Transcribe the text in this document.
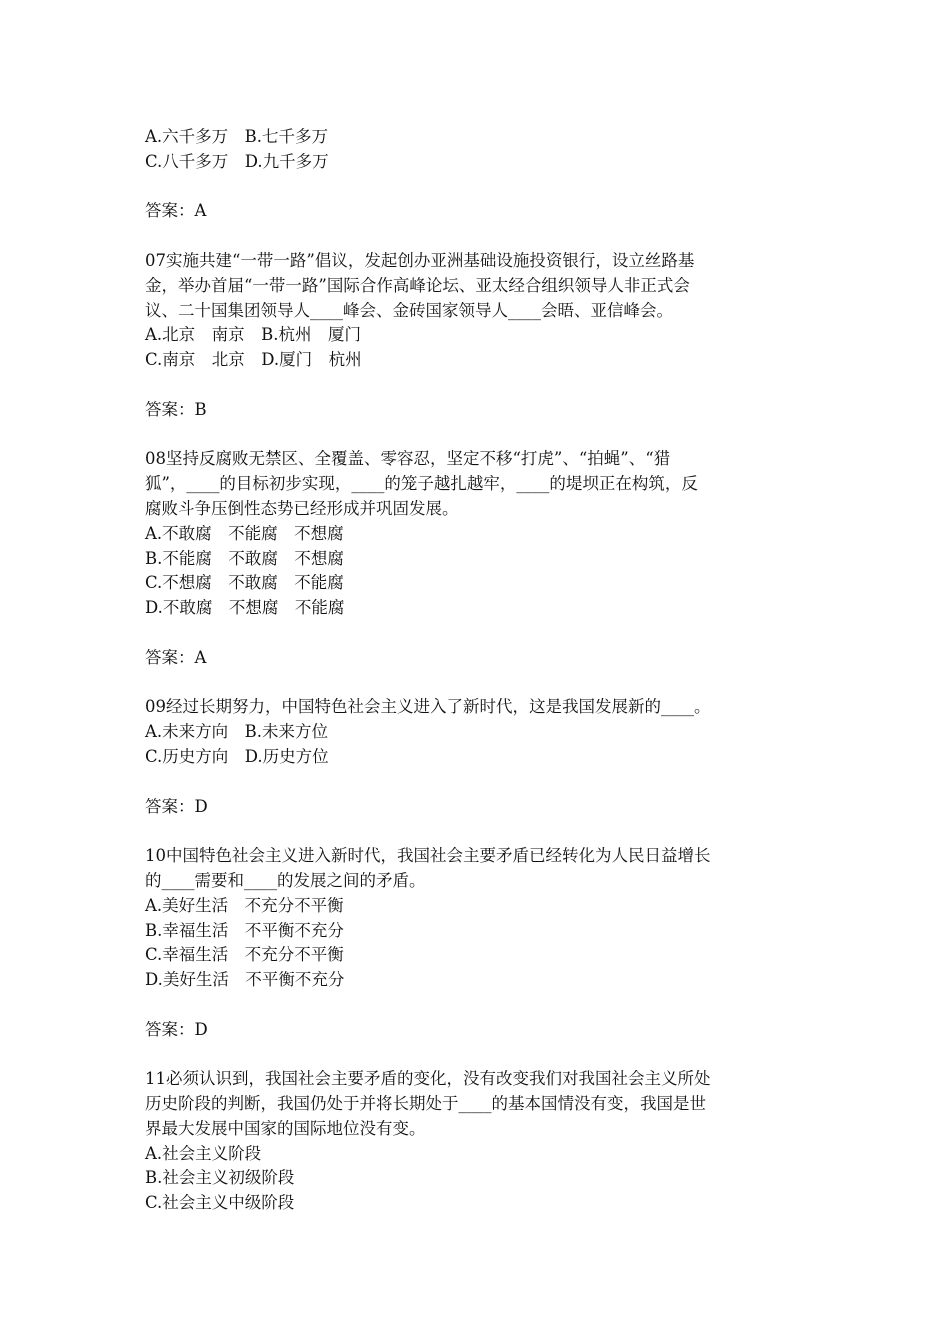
A.六千多万　B.七千多万
C.八千多万　D.九千多万
答案：A
07实施共建“一带一路”倡议，发起创办亚洲基础设施投资银行，设立丝路基
金，举办首届“一带一路”国际合作高峰论坛、亚太经合组织领导人非正式会
议、二十国集团领导人____峰会、金砖国家领导人____会晤、亚信峰会。
A.北京　南京　B.杭州　厦门
C.南京　北京　D.厦门　杭州
答案：B
08坚持反腐败无禁区、全覆盖、零容忍，坚定不移“打虎”、“拍蝇”、“猎
狐”，____的目标初步实现，____的笼子越扎越牢，____的堤坝正在构筑，反
腐败斗争压倒性态势已经形成并巩固发展。
A.不敢腐　不能腐　不想腐
B.不能腐　不敢腐　不想腐
C.不想腐　不敢腐　不能腐
D.不敢腐　不想腐　不能腐
答案：A
09经过长期努力，中国特色社会主义进入了新时代，这是我国发展新的____。
A.未来方向　B.未来方位
C.历史方向　D.历史方位
答案：D
10中国特色社会主义进入新时代，我国社会主要矛盾已经转化为人民日益增长
的____需要和____的发展之间的矛盾。
A.美好生活　不充分不平衡
B.幸福生活　不平衡不充分
C.幸福生活　不充分不平衡
D.美好生活　不平衡不充分
答案：D
11必须认识到，我国社会主要矛盾的变化，没有改变我们对我国社会主义所处
历史阶段的判断，我国仍处于并将长期处于____的基本国情没有变，我国是世
界最大发展中国家的国际地位没有变。
A.社会主义阶段
B.社会主义初级阶段
C.社会主义中级阶段
